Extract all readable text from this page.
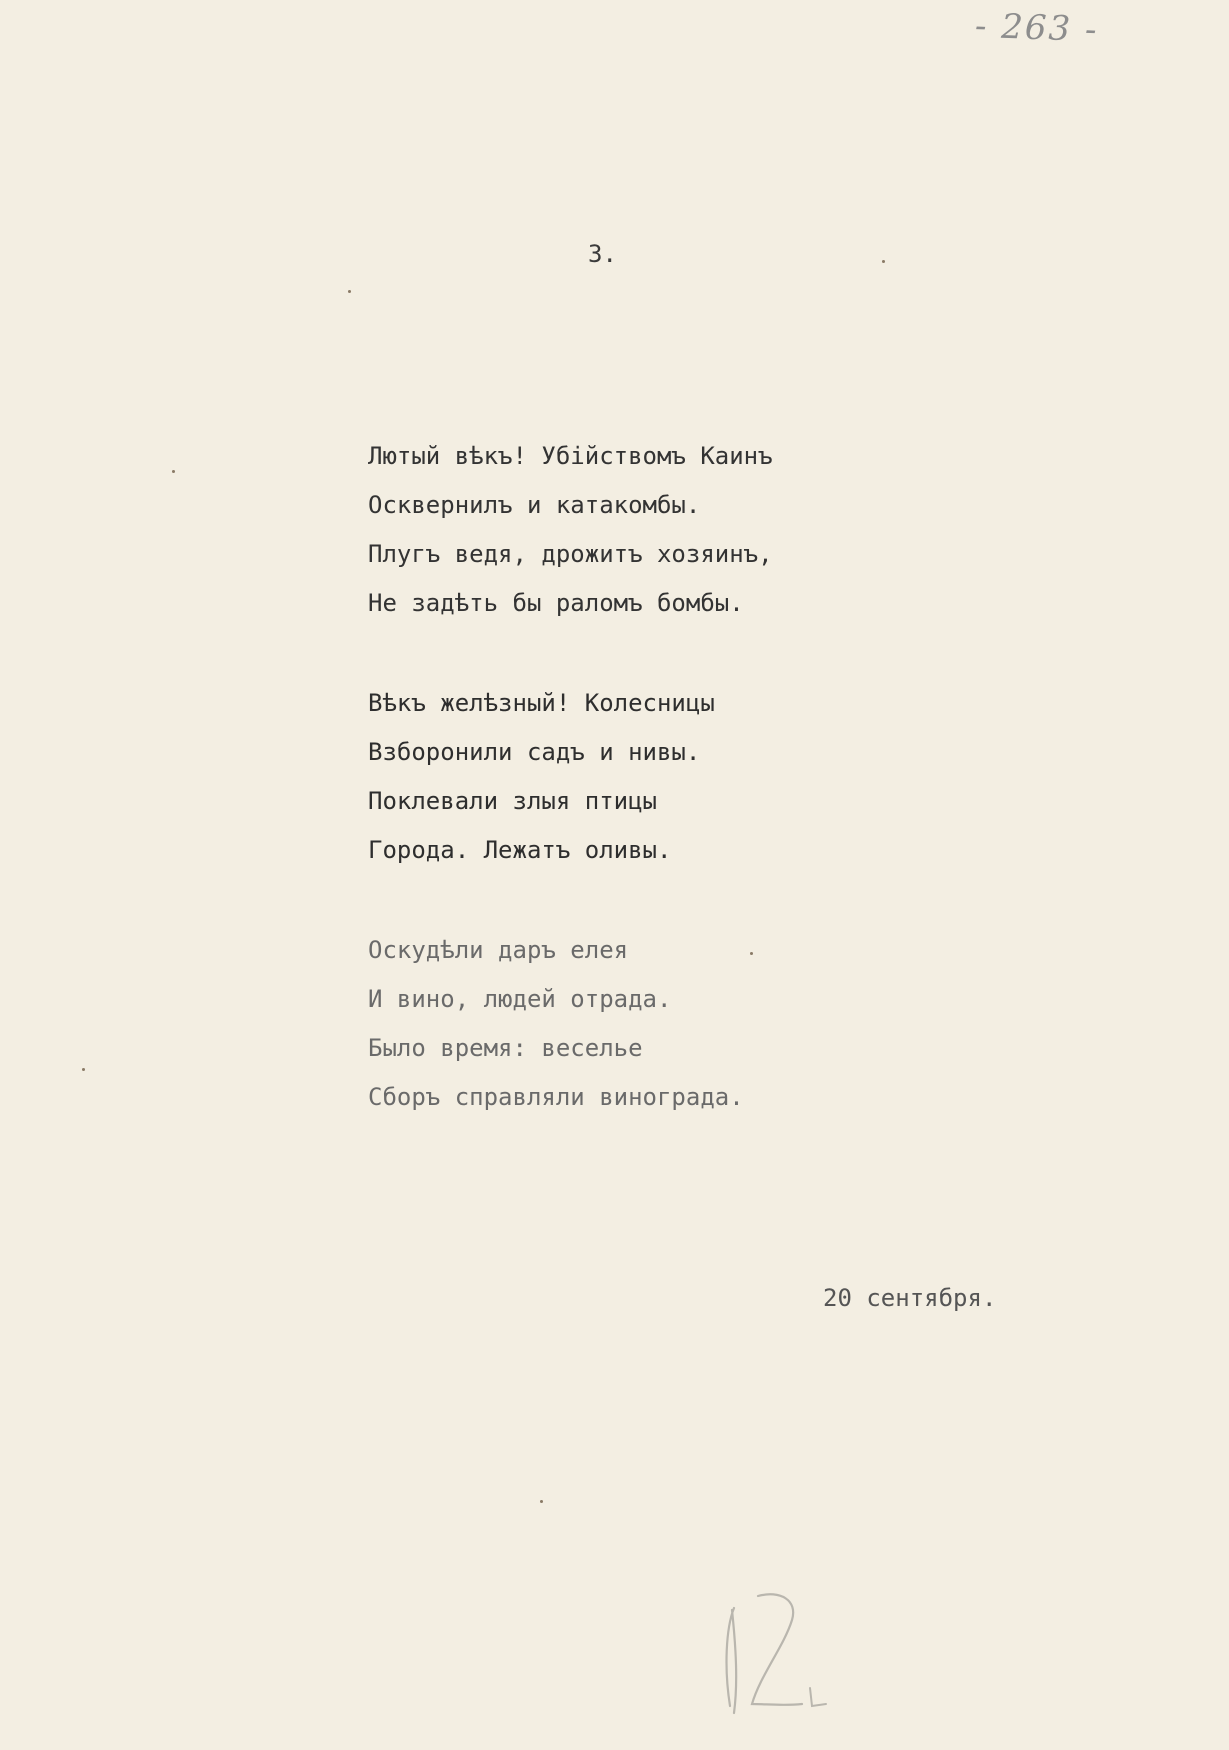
- 263 -
3.

Лютый вѣкъ! Убійствомъ Каинъ
Осквернилъ и катакомбы.
Плугъ ведя, дрожитъ хозяинъ,
Не задѣть бы раломъ бомбы.

Вѣкъ желѣзный! Колесницы
Взборонили садъ и нивы.
Поклевали злыя птицы
Города. Лежатъ оливы.

Оскудѣли даръ елея
И вино, людей отрада.
Было время: веселье
Сборъ справляли винограда.

20 сентября.
